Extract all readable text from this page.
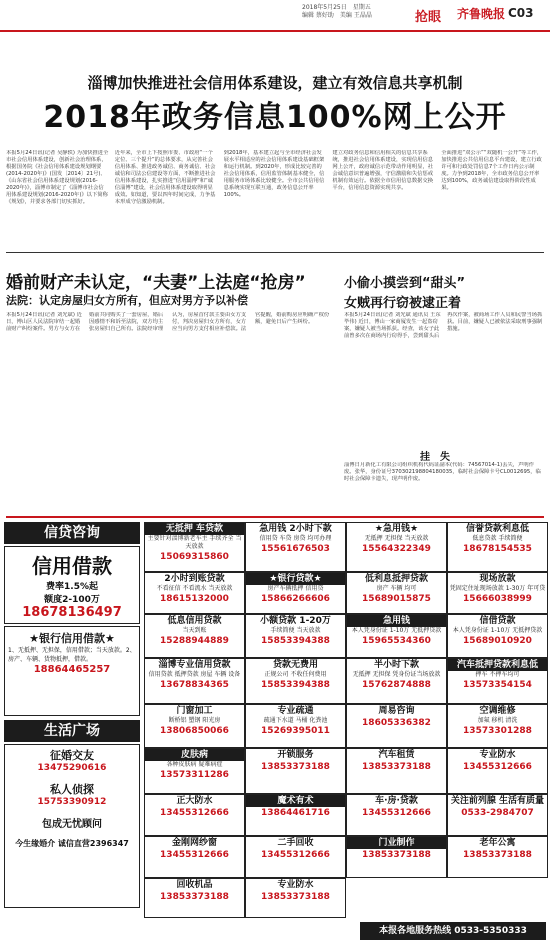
2018年5月25日　星期五
编辑 蔡好助　美编 王晶晶	抢眼 齐鲁晚报 C03
淄博加快推进社会信用体系建设，建立有效信息共享机制
2018年政务信息100%网上公开
本报5月24日讯(记者 吴静轶) 为加快推进全市社会信用体系建设，创新社会治理体系，根据国务院《社会信用体系建设规划纲要(2014-2020年)》(国发〔2014〕21号)、《山东省社会信用体系建设规划(2016-2020年)》，淄博市制定了《淄博市社会信用体系建设规划(2016-2020年)》以下简称《规划》，并要求各部门切实抓好。
近年来，全市上下按照市委、市政府“一个定位、三个提升”的总体要求，从完善社会信用体系、推进政务诚信、商务诚信、社会诚信和司法公信建设等方面，不断推进社会信用体系建设，扎实推进“信用淄博”和“诚信淄博”建设，社会信用体系建设取得明显成效。如知道，要以四年时间完成，力争基本形成守信激励机制。
到2018年，基本建立起与全市经济社会发展水平相适应的社会信用体系建设基础框架和运行机制。到2020年，形成比较完善的社会信用体系，信用监管体制基本健全，信用服务市场体系比较健全。全市公共信用信息系统实现互联互通，政务信息公开率100%。
建立对政务信息和信用相关的信息共享系统，推进社会信用体系建设，实现信用信息网上公开，政府诚信示范带动作用明显，社会诚信意识普遍增强，守信激励和失信惩戒机制有效运行。依据全市信用信息数据交换平台，信用信息资源实现共享。
全面推进“双公示”“双随机一公开”等工作，加快推进公共信用信息平台建设，建立行政许可和行政处罚信息7个工作日内公示制度。力争到2018年，全市政务信息公开率达到100%，政务诚信建设取得阶段性成果。
婚前财产未认定，“夫妻”上法庭“抢房”
法院：认定房屋归女方所有，但应对男方予以补偿
本报5月24日讯(记者 刘光斌) 近日，博山区人民法院审结一起婚前财产纠纷案件。男方与女方在婚前共同购买了一套房屋，婚后因感情不和诉至法院，双方均主张房屋归自己所有。法院经审理认为，房屋首付款主要由女方支付，判决房屋归女方所有，女方应当向男方支付相应补偿款。法官提醒，婚前购房应明确产权份额，避免日后产生纠纷。
小偷小摸尝到“甜头”
女贼再行窃被逮正着
本报5月24日讯(记者 刘光斌 通讯员 王东 毕伟) 近日，博山一家商厦发生一起盗窃案，嫌疑人被当场抓获。经查，该女子此前曾多次在商场内行窃得手，尝到甜头后再次作案，被商场工作人员和民警当场抓获。目前，嫌疑人已被依法采取刑事强制措施。
挂　失
淄博日月新化工有限公司组织机构代码证副本(代码：74567014-1)丢失，声明作废。张华，身份证号370302198804180035，临时社会保障卡号CL0012695，临时社会保障卡遗失，现声明作废。
信贷咨询
信用借款
费率1.5%起
额度2-100万
18678136497
★银行信用借款★
1、无抵押、无担保，信用借款；当天放款。2、房产、车辆、货物抵押，借款。
18864465257
生活广场
征婚交友
13475290616
私人侦探
15753390912
包成无忧顾问
今生缘婚介 诚信直营2396347
无抵押 车贷款
主要针对淄博新老车主 手续齐全 当天放款
15069315860
急用钱 2小时下款
信用贷 车贷 房贷 均可办理
15561676503
★急用钱★
无抵押 无担保 当天放款
15564322349
信誉贷款利息低
低息贷款 手续简便
18678154535
2小时到账贷款
不看征信 不看流水 当天放款
18615132000
★银行贷款★
房产车辆抵押 信用贷
15866266606
低利息抵押贷款
房产 车辆 均可
15689015875
现场放款
凭固定住址现场放款 1-30万 年可贷
15666038999
低息信用贷款
当天到账
15288944889
小额贷款 1-20万
手续简便 当天放款
15853394388
急用钱
本人凭身份证 1-10万 无抵押贷款
15965534360
信借贷款
本人凭身份证 1-10万 无抵押贷款
15689010920
淄博专业信用贷款
信用贷款 抵押贷款 房屋 车辆 设备
13678834365
贷款无费用
正规公司 不收任何费用
15853394388
半小时下款
无抵押 无担保 凭身份证当场放款
15762874888
汽车抵押贷款利息低
押车 不押车均可
13573354154
门窗加工
断桥铝 塑钢 阳光房
13806850066
专业疏通
疏通下水道 马桶 化粪池
15269395011
周易咨询
18605336382
空调维修
加氟 移机 清洗
13573301288
皮肤病
各种皮肤病 疑难病症
13573311286
开锁服务
13853373188
汽车租赁
13853373188
专业防水
13455312666
正大防水
13455312666
魔术有术
13864461716
车·房·贷款
13455312666
关注前列腺 生活有质量
0533-2984707
金刚网纱窗
13455312666
二手回收
13455312666
门业制作
13853373188
老年公寓
13853373188
回收机品
13853373188
专业防水
13853373188
本报各地服务热线 0533-5350333
